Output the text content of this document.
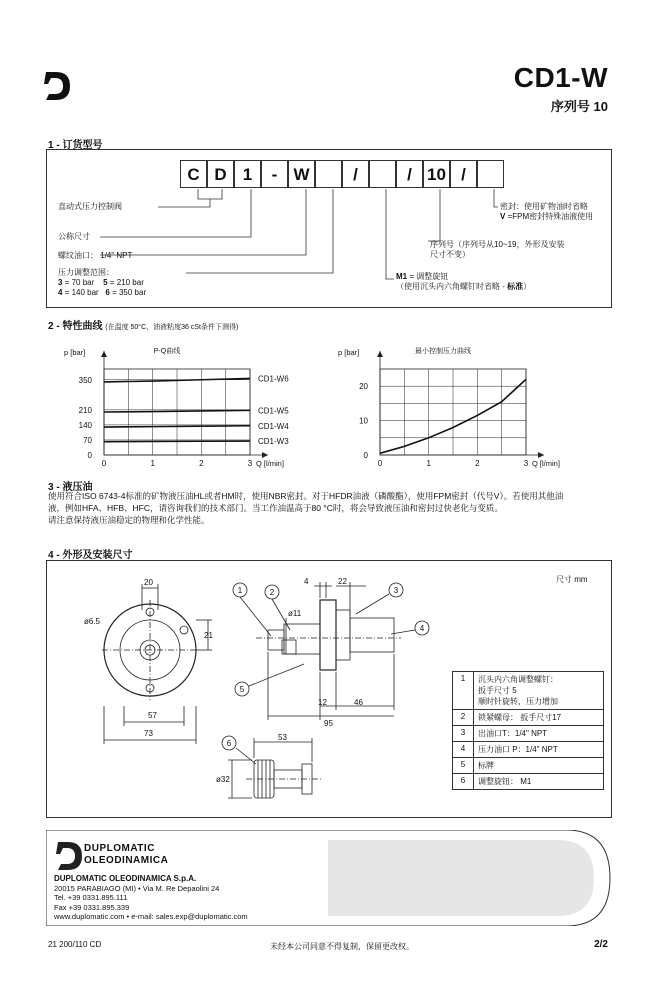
CD1-W
序列号 10
1 - 订货型号
C D 1	- W	/	/ 10 /
直动式压力控制阀
公称尺寸
螺纹油口： 1/4" NPT
压力调整范围：
3 = 70 bar 5 = 210 bar
4 = 140 bar 6 = 350 bar
密封：使用矿物油时省略
V =FPM密封特殊油液使用
序列号（序列号从10~19，外形及安装
尺寸不变）
M1 = 调整旋钮
（使用沉头内六角螺钉时省略 - 标准）
2 - 特性曲线 (在温度 50°C，油液粘度36 cSt条件下测得)
0	1	2	3
0
70
140
210
350
Q [l/min]
p [bar]	P-Q曲线
CD1-W6
CD1-W5
CD1-W4
CD1-W3
0	1	2	3
0
10
20
Q [l/min]
p [bar]	最小控制压力曲线
3 - 液压油
使用符合ISO 6743-4标准的矿物液压油HL或者HM时，使用NBR密封。对于HFDR油液（磷酸酯），使用FPM密封（代号V）。若使用其他油
液，例如HFA、HFB、HFC，请咨询我们的技术部门。当工作油温高于80 °C时，将会导致液压油和密封过快老化与变质。
请注意保持液压油稳定的物理和化学性能。
4 - 外形及安装尺寸
尺寸 mm
20
ø6.5
21
57
73
4	22
ø11
12	46
95
53
ø32
1	2	3
4
5
6
1	沉头内六角调整螺钉：
扳手尺寸 5
顺时针旋转，压力增加

2	锁紧螺母： 扳手尺寸17

3	出油口T：1/4" NPT

4	压力油口 P：1/4" NPT

5	标牌

6	调整旋钮： M1
DUPLOMATIC
OLEODINAMICA
DUPLOMATIC OLEODINAMICA S.p.A.
20015 PARABIAGO (MI) • Via M. Re Depaolini 24
Tel. +39 0331.895.111
Fax +39 0331.895.339
www.duplomatic.com • e-mail: sales.exp@duplomatic.com
21 200/110 CD	未经本公司同意不得复制，保留更改权。	2/2
